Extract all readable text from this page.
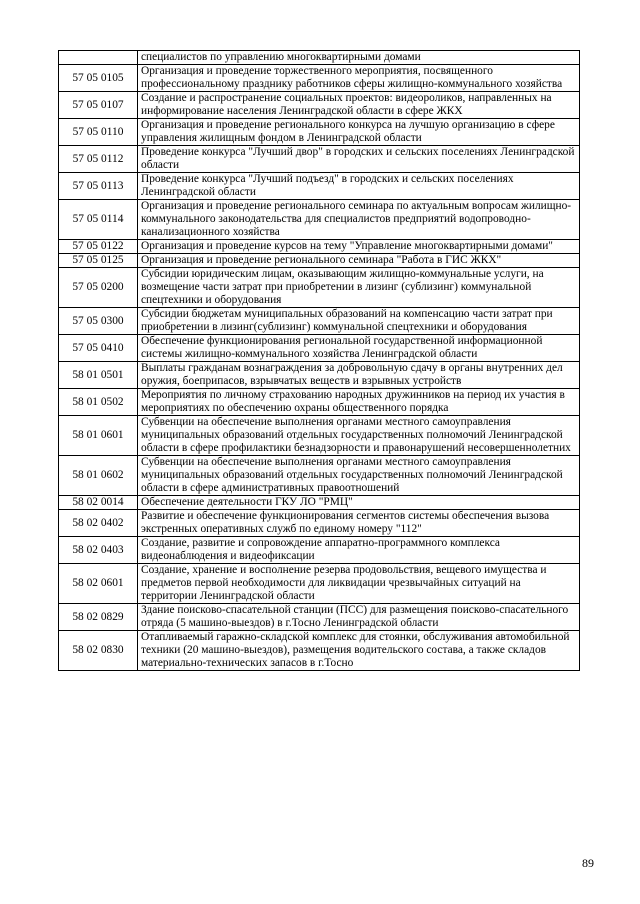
	специалистов по управлению многоквартирными домами
57 05 0105	Организация и проведение торжественного мероприятия, посвященного профессиональному празднику работников сферы жилищно-коммунального хозяйства
57 05 0107	Создание и распространение социальных проектов: видеороликов, направленных на информирование населения Ленинградской области в сфере ЖКХ
57 05 0110	Организация и проведение регионального конкурса на лучшую организацию в сфере управления жилищным фондом в Ленинградской области
57 05 0112	Проведение конкурса "Лучший двор" в городских и сельских поселениях Ленинградской области
57 05 0113	Проведение конкурса "Лучший подъезд" в городских и сельских поселениях Ленинградской области
57 05 0114	Организация и проведение регионального семинара по актуальным вопросам жилищно-коммунального законодательства для специалистов предприятий водопроводно-канализационного хозяйства
57 05 0122	Организация и проведение курсов на тему "Управление многоквартирными домами"
57 05 0125	Организация и проведение регионального семинара "Работа в ГИС ЖКХ"
57 05 0200	Субсидии юридическим лицам, оказывающим жилищно-коммунальные услуги, на возмещение части затрат при приобретении в лизинг (сублизинг) коммунальной спецтехники и оборудования
57 05 0300	Субсидии бюджетам муниципальных образований на компенсацию части затрат при приобретении в лизинг(сублизинг) коммунальной спецтехники и оборудования
57 05 0410	Обеспечение функционирования региональной государственной информационной системы жилищно-коммунального хозяйства Ленинградской области
58 01 0501	Выплаты гражданам вознаграждения за добровольную сдачу в органы внутренних дел оружия, боеприпасов, взрывчатых веществ и взрывных устройств
58 01 0502	Мероприятия по личному страхованию народных дружинников на период их участия в мероприятиях по обеспечению охраны общественного порядка
58 01 0601	Субвенции на обеспечение выполнения органами местного самоуправления муниципальных образований отдельных государственных полномочий Ленинградской области в сфере профилактики безнадзорности и правонарушений несовершеннолетних
58 01 0602	Субвенции на обеспечение выполнения органами местного самоуправления муниципальных образований отдельных государственных полномочий Ленинградской области в сфере административных правоотношений
58 02 0014	Обеспечение деятельности ГКУ ЛО "РМЦ"
58 02 0402	Развитие и обеспечение функционирования сегментов системы обеспечения вызова экстренных оперативных служб по единому номеру "112"
58 02 0403	Создание, развитие и сопровождение аппаратно-программного комплекса видеонаблюдения и видеофиксации
58 02 0601	Создание, хранение и восполнение резерва продовольствия, вещевого имущества и предметов первой необходимости для ликвидации чрезвычайных ситуаций на территории Ленинградской области
58 02 0829	Здание поисково-спасательной станции (ПСС) для размещения поисково-спасательного отряда (5 машино-выездов) в г.Тосно Ленинградской области
58 02 0830	Отапливаемый гаражно-складской комплекс для стоянки, обслуживания автомобильной техники (20 машино-выездов), размещения водительского состава, а также складов материально-технических запасов в г.Тосно
89
